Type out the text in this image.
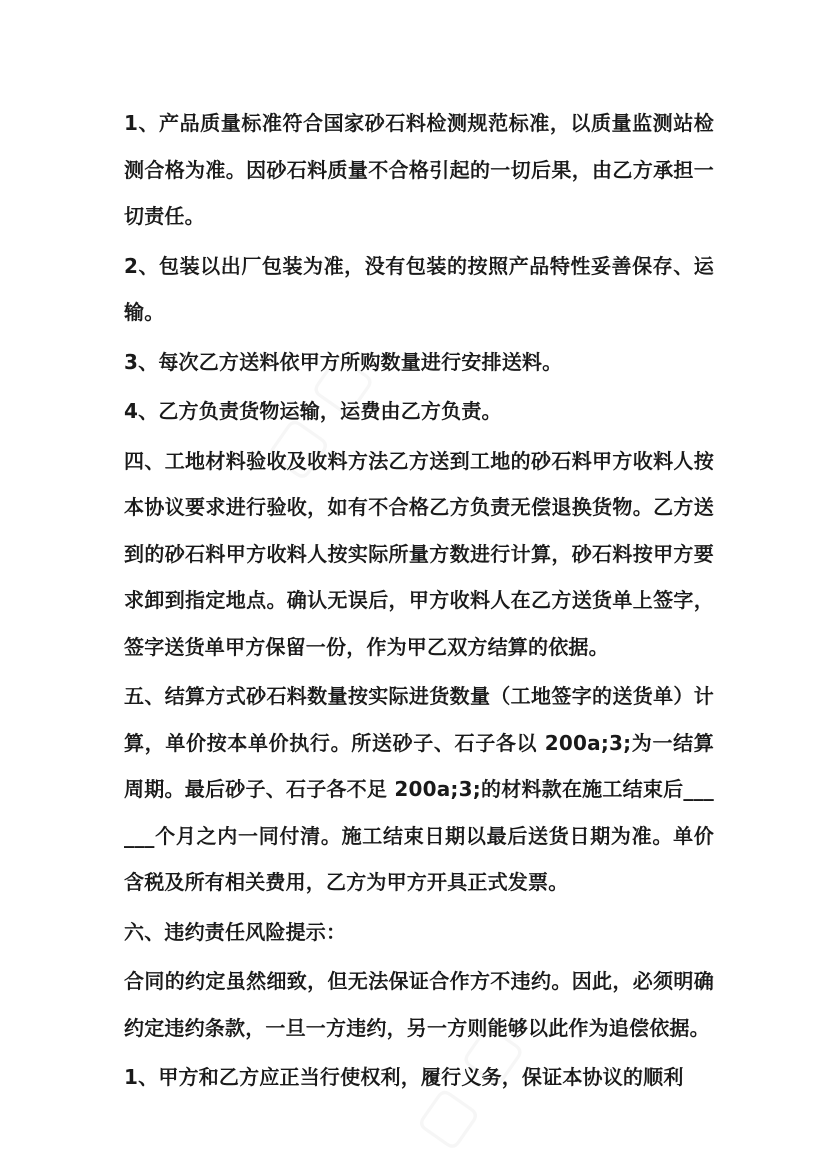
1、产品质量标准符合国家砂石料检测规范标准，以质量监测站检测合格为准。因砂石料质量不合格引起的一切后果，由乙方承担一切责任。

2、包装以出厂包装为准，没有包装的按照产品特性妥善保存、运输。

3、每次乙方送料依甲方所购数量进行安排送料。

4、乙方负责货物运输，运费由乙方负责。

四、工地材料验收及收料方法乙方送到工地的砂石料甲方收料人按本协议要求进行验收，如有不合格乙方负责无偿退换货物。乙方送到的砂石料甲方收料人按实际所量方数进行计算，砂石料按甲方要求卸到指定地点。确认无误后，甲方收料人在乙方送货单上签字，签字送货单甲方保留一份，作为甲乙双方结算的依据。

五、结算方式砂石料数量按实际进货数量（工地签字的送货单）计算，单价按本单价执行。所送砂子、石子各以 200a;3;为一结算周期。最后砂子、石子各不足 200a;3;的材料款在施工结束后______个月之内一同付清。施工结束日期以最后送货日期为准。单价含税及所有相关费用，乙方为甲方开具正式发票。

六、违约责任风险提示：

合同的约定虽然细致，但无法保证合作方不违约。因此，必须明确约定违约条款，一旦一方违约，另一方则能够以此作为追偿依据。

1、甲方和乙方应正当行使权利，履行义务，保证本协议的顺利
